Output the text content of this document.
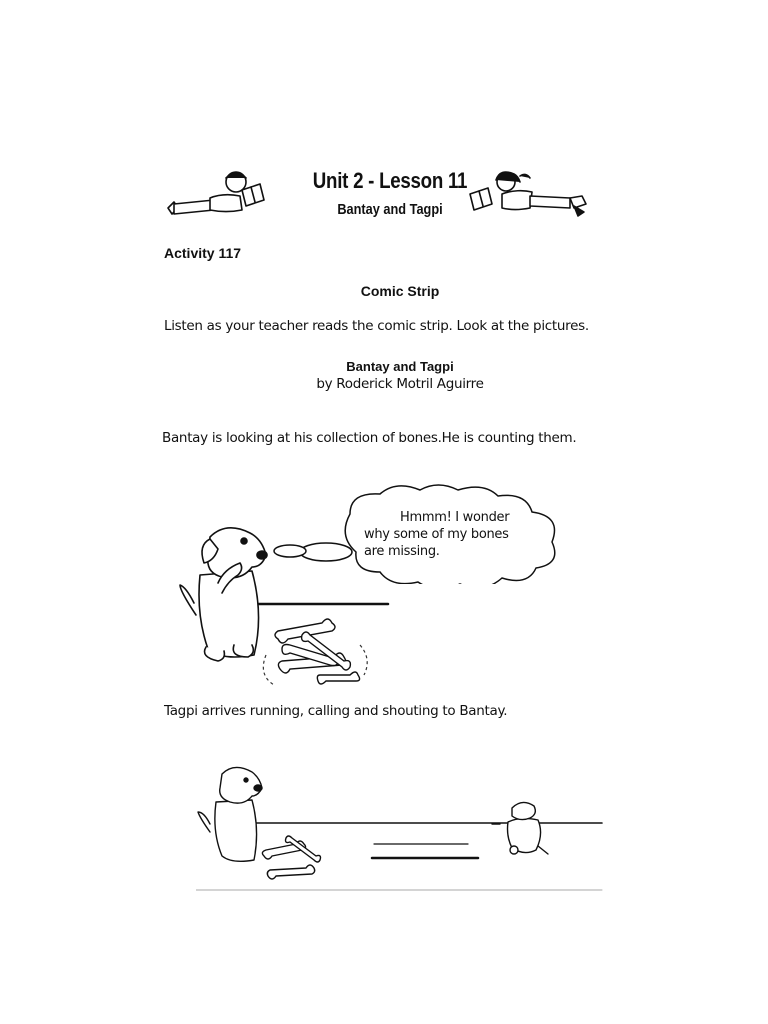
Unit 2 - Lesson 11
Bantay and Tagpi
Activity 117
Comic Strip
Listen as your teacher reads the comic strip. Look at the pictures.
Bantay and Tagpi
by Roderick Motril Aguirre
Bantay is looking at his collection of bones.He is counting them.
Hmmm! I wonder
why some of my bones
are missing.
Tagpi arrives running, calling and shouting to Bantay.
